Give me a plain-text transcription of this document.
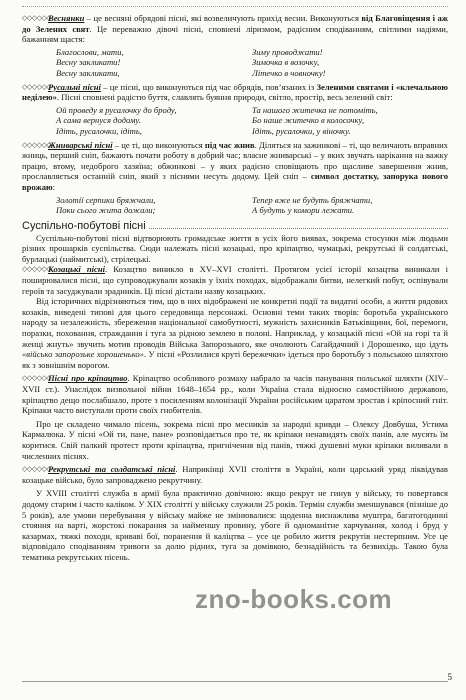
◇◇◇◇◇◇Веснянки – це весняні обрядові пісні, які возвеличують прихід весни. Виконуються від Благовіщення і аж до Зелених свят. Це переважно дівочі пісні, сповнені ліризмом, радісним сподіванням, світлими надіями, бажанням щастя:

Благослови, мати,
Весну закликати!
Весну закликати,
Зиму проводжати!
Зимочка в возочку,
Літечко в човночку!

◇◇◇◇◇◇Русальні пісні – це пісні, що виконуються під час обрядів, пов’язаних із Зеленими святами і «клечальною неділею». Пісні сповнені радістю буття, славлять буяння природи, світло, простір, весь зелений світ:

Ой проведу я русалочку до броду,
А сама вернуся додому.
Ідіть, русалочки, ідіть,
Та нашого житечка не потоміть,
Бо наше житечко в колосочку,
Ідіть, русалочки, у віночку.

◇◇◇◇◇◇Жниварські пісні – це ті, що виконуються під час жнив. Діляться на зажинкові – ті, що величають вправних жниць, перший сніп, бажають почати роботу в добрий час; власне жниварські – у яких звучать нарікання на важку працю, втому, недоброго хазяїна; обжинкові – у яких радісно сповіщають про щасливе завершення жнив, прославляється останній сніп, який з піснями несуть додому. Цей сніп – символ достатку, запорука нового врожаю:

Золотії серпики бряжчали,
Поки сього жита дожали;
Тепер вже не будуть бряжчати,
А будуть у комори лежати.
Суспільно-побутові пісні

Суспільно-побутові пісні відтворюють громадське життя в усіх його виявах, зокрема стосунки між людьми різних прошарків суспільства. Сюди належать пісні козацькі, про кріпацтво, чумацькі, рекрутські й солдатські, бурлацькі (наймитські), стрілецькі.

◇◇◇◇◇◇Козацькі пісні. Козацтво виникло в XV–XVI столітті. Протягом усієї історії козацтва виникали і поширювалися пісні, що супроводжували козаків у їхніх походах, відображали битви, нелегкий побут, оспівували героїв та засуджували зрадників. Ці пісні дістали назву козацьких.

Від історичних відрізняються тим, що в них відображені не конкретні події та видатні особи, а життя рядових козаків, виведені типові для цього середовища персонажі. Основні теми таких творів: боротьба українського народу за незалежність, збереження національної самобутності, мужність захисників Батьківщини, бої, перемоги, поразки, поховання, страждання і туга за рідною землею в полоні. Наприклад, у козацькій пісні «Ой на горі та й женці жнуть» звучить мотив проводів Війська Запорозького, яке очолюють Сагайдачний і Дорошенко, що ідуть «військо запорозьке хорошенько». У пісні «Розлилися круті бережечки» ідеться про боротьбу з польською шляхтою як з зовнішнім ворогом.

◇◇◇◇◇◇Пісні про кріпацтво. Кріпацтво особливого розмаху набрало за часів панування польської шляхти (XIV–XVII ст.). Унаслідок визвольної війни 1648–1654 рр., коли Україна стала відносно самостійною державою, кріпацтво дещо послабшало, проте з посиленням колонізації України російським царатом зростав і кріпосний гніт. Кріпаки часто виступали проти своїх гнобителів.

Про це складено чимало пісень, зокрема пісні про месників за народні кривди – Олексу Довбуша, Устима Кармалюка. У пісні «Ой ти, пане, пане» розповідається про те, як кріпаки ненавидять своїх панів, але мусять їм коритися. Свій палкий протест проти кріпацтва, пригнічення від панів, тяжкі душевні муки кріпаки виливали в численних піснях.

◇◇◇◇◇◇Рекрутські та солдатські пісні. Наприкінці XVII століття в Україні, коли царський уряд ліквідував козацьке військо, було запроваджено рекрутчину.

У XVIII столітті служба в армії була практично довічною: якщо рекрут не гинув у війську, то повертався додому старим і часто каліком. У XIX столітті у війську служили 25 років. Термін служби зменшувався (пізніше до 5 років), але умови перебування у війську майже не змінювалися: щоденна виснажлива муштра, багатогодинні стояння на варті, жорстокі покарання за найменшу провину, убоге й одноманітне харчування, холод і бруд у казармах, тяжкі походи, криваві бої, поранення й каліцтва – усе це робило життя рекрутів нестерпним. Усе це відповідало сподіванням тривоги за долю рідних, туга за домівкою, безнадійність та безвихідь. Такою була тематика рекрутських пісень.

zno-books.com
5
